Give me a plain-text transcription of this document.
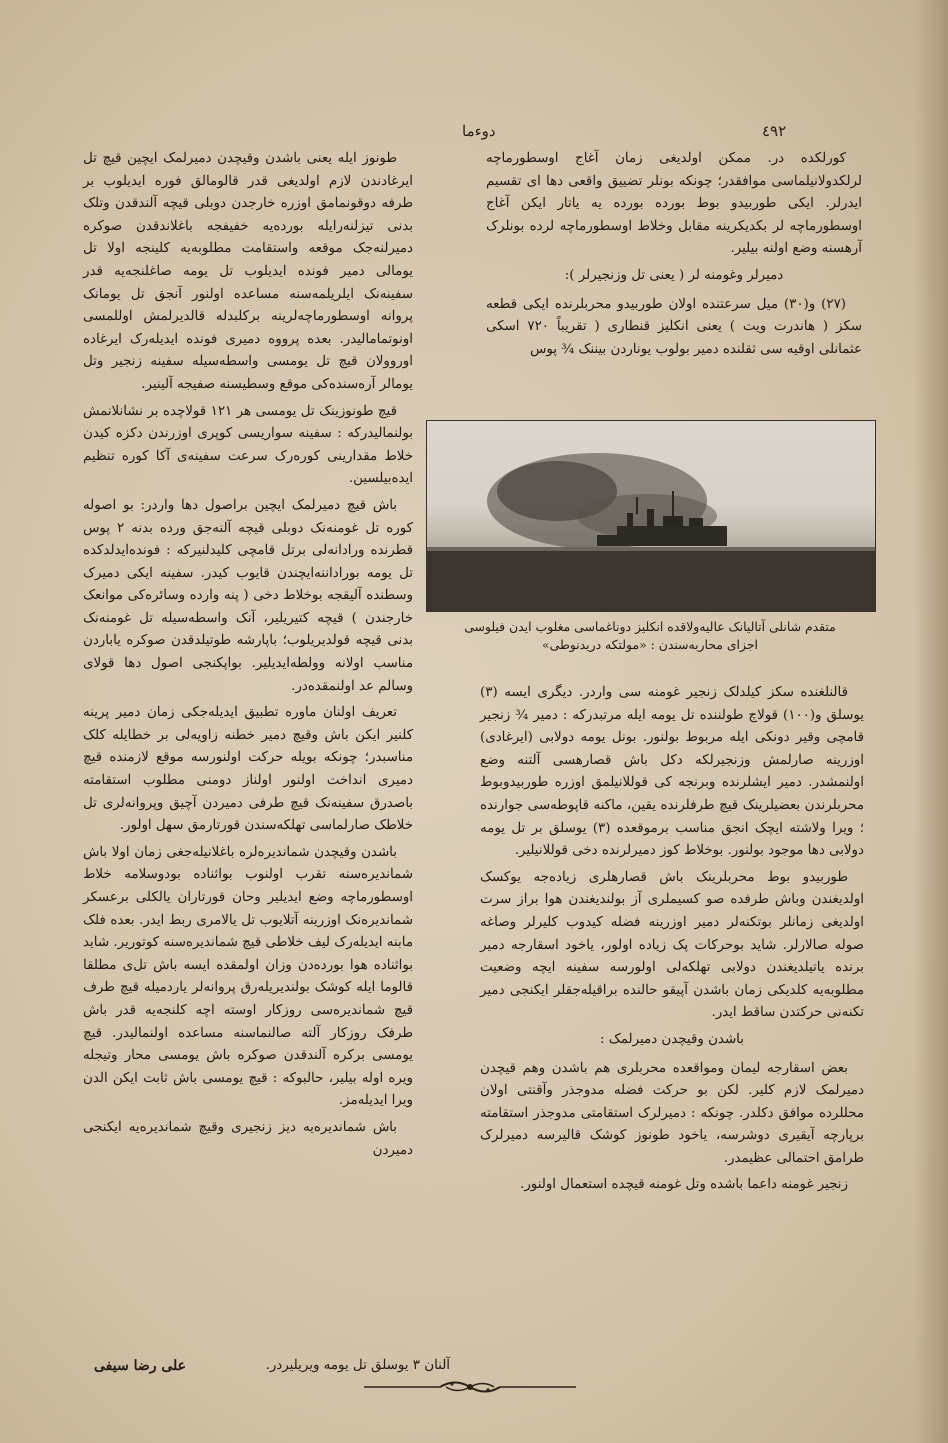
٤٩٢
دوءما

کورلکده در. ممکن اولدیغی زمان آغاج اوسطورماچه لرلکدولانیلماسی موافقدر؛ چونکه بونلر تضییق واقعی دها ای تقسیم ایدرلر. ایکی طوربیدو بوط بورده بورده یه یاتار ایکن آغاج اوسطورماچه لر بکدیکرینه مقابل وخلاط اوسطورماچه لرده بونلرک آرهسنه وضع اولنه بیلیر.

دمیرلر وغومنه لر ( یعنی تل وزنجیرلر ):

(۲۷) و(۳۰) میل سرعتنده اولان طوربیدو محربلرنده ایکی قطعه سکز ( هاندرت ویت ) یعنی انکلیز قنطاری ( تقریباً ۷۲۰ اسکی عثمانلی اوقیه سی ثقلنده دمیر بولوب یوناردن بیننک ¾ پوس

متقدم شانلی آتالیانک عالیه‌ولاقده انکلیز دوناغماسی مغلوب ایدن فیلوسی
اجزای محاربه‌سندن : «مولتکه دریدنوطی»

قالنلغنده سکز کیلدلک زنجیر غومنه سی واردر. دیگری ایسه (۳) یوسلق و(۱۰۰) قولاچ طولننده تل یومه ایله مرتبدرکه : دمیر ¾ زنجیر قامچی وقیر دونکی ایله مربوط بولنور. بونل یومه دولابی (ایرغادی) اوزرینه صارلمش وزنجیرلکه دکل باش قصارهسی آلتنه وضع اولنمشدر. دمیر ایشلرنده وبرنجه کی قوللانیلمق اوزره طوربیدوبوط محربلرندن بعضیلرینک قیچ طرفلرنده یقین، ماکنه قاپوطه‌سی جوارنده ؛ ویرا ولاشته ایچک انجق مناسب برموقعده (۳) یوسلق بر تل یومه دولابی دها موجود بولنور. بوخلاط کوز دمیرلرنده دخی قوللانیلیر.

طوربیدو بوط محربلرینک باش قصارهلری زیاده‌جه یوکسک اولدیغندن وباش طرفده صو کسیملری آز بولندیغندن هوا براز سرت اولدیغی زمانلر بوتکنه‌لر دمیر اوزرینه فضله کیدوب کلیرلر وصاغه صوله صالارلر. شاید بوحرکات پک زیاده اولور، یاخود اسقارجه دمیر برنده یاتیلدیغندن دولابی تهلکه‌لی اولورسه سفینه ایچه وضعیت مطلوبه‌یه کلدیکی زمان باشدن آپیقو حالنده براقیله‌جقلر ایکنجی دمیر تکنه‌نی حرکتدن ساقط ایدر.

باشدن وقیچدن دمیرلمک :

بعض اسقارجه لیمان ومواقعده محربلری هم باشدن وهم قیچدن دمیرلمک لازم کلیر. لکن بو حرکت فضله مدوجذر وآقنتی اولان محللرده موافق دکلدر. چونکه : دمیرلرک استقامتی مدوجذر استقامته برپارچه آیقیری دوشرسه، یاخود طونوز کوشک قالیرسه دمیرلرک طرامق احتمالی عظیمدر.

زنجیر غومنه داعما باشده وتل غومنه قیچده استعمال اولنور.

طونوز ایله یعنی باشدن وقیچدن دمیرلمک ایچین قیچ تل ایرغادندن لازم اولدیغی قدر قالومالق فوره ایدیلوب بر طرفه دوقونمامق اوزره خارجدن دوبلی قیچه آلندقدن وتلک بدنی تیزلنه‌رایله بورده‌یه خفیفجه باغلاندقدن صوکره دمیرلنه‌جک موقعه واستقامت مطلوبه‌یه کلینجه اولا تل یومالی دمیر فونده ایدیلوب تل یومه صاغلنجه‌یه قدر سفینه‌نک ایلریلمه‌سنه مساعده اولنور آنجق تل یومانک پروانه اوسطورماچه‌لرینه برکلبدله قالدیرلمش اوللمسی اونوتمامالیدر. بعده پرووه دمیری فونده ایدیله‌رک ایرغاده اوروولان قیچ تل یومسی واسطه‌سیله سفینه زنجیر وتل یومالر آره‌سنده‌کی موقع وسطیسنه صفیجه آلینیر.

قیچ طونوزینک تل یومسی هر ۱۲۱ قولاچده بر نشانلانمش بولنمالیدرکه : سفینه سواریسی کوپری اوزرندن دکزه کیدن خلاط مقدارینی کوره‌رک سرعت سفینه‌ی آکا کوره تنظیم ایده‌بیلسین.

باش قیچ دمیرلمک ایچین براصول دها واردر: بو اصوله کوره تل غومنه‌نک دوبلی قیچه آلنه‌جق ورده بدنه ۲ پوس قطرنده ورادانه‌لی برتل قامچی کلیدلنیرکه : فونده‌ایدلدکده تل یومه بوراداننه‌ایچندن قایوب کیدر. سفینه ایکی دمیرک وسطنده آلیقجه بوخلاط دخی ( پنه وارده‌ وسائره‌کی موانعک خارجندن ) قیچه کتیریلیر، آنک واسطه‌سیله تل غومنه‌نک بدنی قیچه قولدیریلوب؛ باپارشه طوتیلدقدن صوکره یاباردن مناسب اولانه وولطه‌ایدیلیر. بواپکنجی اصول دها قولای وسالم عد اولنمقده‌در.

تعریف اولنان ماوره تطبیق ایدیله‌جکی زمان دمیر پرینه کلنیر ایکن باش وقیچ دمیر خطنه زاویه‌لی بر خطایله کلک مناسبدر؛ چونکه بویله حرکت اولنورسه موقع لازمنده قیچ دمیری انداخت اولنور اولناز دومنی مطلوب استقامته باصدرق سفینه‌نک قیچ طرفی دمیردن آچیق وپروانه‌لری تل خلاطک صارلماسی تهلکه‌سندن قورتارمق سهل اولور.

باشدن وقیچدن شماندیره‌لره باغلانیله‌جغی زمان اولا باش شماندیره‌سنه تقرب اولنوب بواثناده بودوسلامه خلاط اوسطورماچه وضع ایدیلیر وحان قورتاران یالکلی برعسکر شماندیره‌نک اوزرینه آتلایوب تل یالامری ربط ایدر. بعده فلک مابنه ایدیله‌رک لیف خلاطی قیچ شماندیره‌سنه کوتوریر. شاید بواثناده هوا بورده‌دن وزان اولمقده ایسه باش تل‌ی مطلقا قالوما ایله کوشک بولندیریله‌رق پروانه‌لر یاردمیله قیچ طرف قیچ شماندیره‌سی روزکار اوسته اچه کلنجه‌یه قدر باش طرفک روزکار آلته صالنماسنه مساعده اولنمالیدر. قیچ یومسی برکره آلندقدن صوکره باش یومسی محار وتیجله ویره اوله بیلیر، حالبوکه : قیچ یومسی باش ثابت ایکن الدن ویرا ایدیله‌مز.

باش شماندیره‌یه دیز زنجیری وقیچ شماندیره‌یه ایکنجی دمیردن

آلنان ۳ یوسلق تل یومه ویریلیردر.
علی رضا سیفی
